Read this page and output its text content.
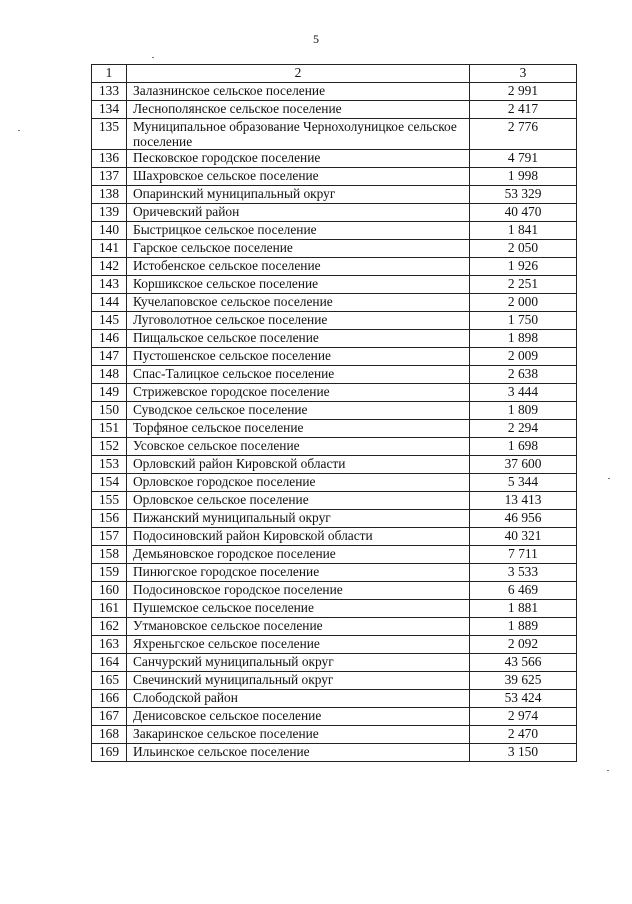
5
1	2	3
133	Залазнинское сельское поселение	2 991
134	Леснополянское сельское поселение	2 417
135	Муниципальное образование Чернохолуницкое сельское поселение	2 776
136	Песковское городское поселение	4 791
137	Шахровское сельское поселение	1 998
138	Опаринский муниципальный округ	53 329
139	Оричевский район	40 470
140	Быстрицкое сельское поселение	1 841
141	Гарское сельское поселение	2 050
142	Истобенское сельское поселение	1 926
143	Коршикское сельское поселение	2 251
144	Кучелаповское сельское поселение	2 000
145	Луговолотное сельское поселение	1 750
146	Пищальское сельское поселение	1 898
147	Пустошенское сельское поселение	2 009
148	Спас-Талицкое сельское поселение	2 638
149	Стрижевское городское поселение	3 444
150	Суводское сельское поселение	1 809
151	Торфяное сельское поселение	2 294
152	Усовское сельское поселение	1 698
153	Орловский район Кировской области	37 600
154	Орловское городское поселение	5 344
155	Орловское сельское поселение	13 413
156	Пижанский муниципальный округ	46 956
157	Подосиновский район Кировской области	40 321
158	Демьяновское городское поселение	7 711
159	Пинюгское городское поселение	3 533
160	Подосиновское городское поселение	6 469
161	Пушемское сельское поселение	1 881
162	Утмановское сельское поселение	1 889
163	Яхреньгское сельское поселение	2 092
164	Санчурский муниципальный округ	43 566
165	Свечинский муниципальный округ	39 625
166	Слободской район	53 424
167	Денисовское сельское поселение	2 974
168	Закаринское сельское поселение	2 470
169	Ильинское сельское поселение	3 150
